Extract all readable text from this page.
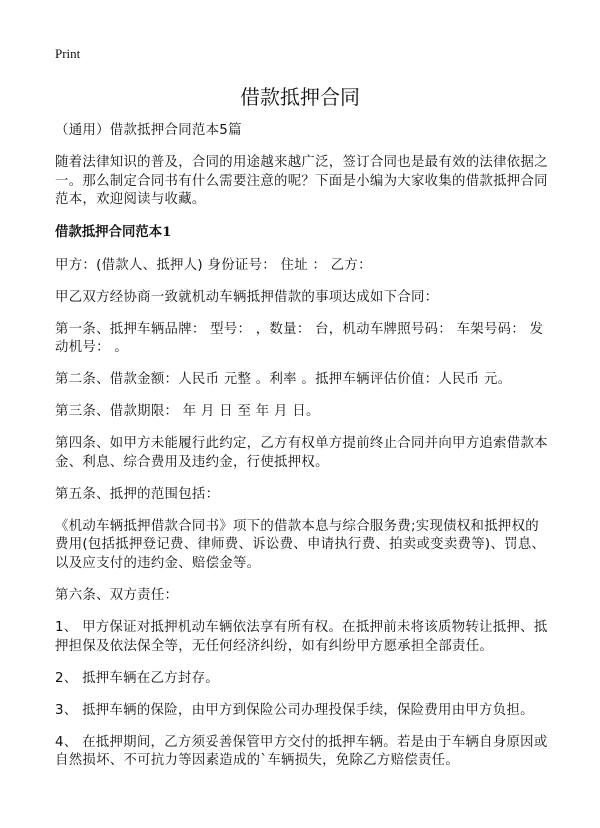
Print
借款抵押合同
（通用）借款抵押合同范本5篇
随着法律知识的普及，合同的用途越来越广泛，签订合同也是最有效的法律依据之
一。那么制定合同书有什么需要注意的呢？下面是小编为大家收集的借款抵押合同
范本，欢迎阅读与收藏。
借款抵押合同范本1
甲方：(借款人、抵押人) 身份证号： 住址 ： 乙方：
甲乙双方经协商一致就机动车辆抵押借款的事项达成如下合同：
第一条、抵押车辆品牌： 型号： ，数量： 台，机动车牌照号码： 车架号码： 发
动机号： 。
第二条、借款金额：人民币 元整 。利率 。抵押车辆评估价值：人民币 元。
第三条、借款期限： 年 月 日 至 年 月 日。
第四条、如甲方未能履行此约定，乙方有权单方提前终止合同并向甲方追索借款本
金、利息、综合费用及违约金，行使抵押权。
第五条、抵押的范围包括：
《机动车辆抵押借款合同书》项下的借款本息与综合服务费;实现债权和抵押权的
费用(包括抵押登记费、律师费、诉讼费、申请执行费、拍卖或变卖费等)、罚息、
以及应支付的违约金、赔偿金等。
第六条、双方责任：
1、 甲方保证对抵押机动车辆依法享有所有权。在抵押前未将该质物转让抵押、抵
押担保及依法保全等，无任何经济纠纷，如有纠纷甲方愿承担全部责任。
2、 抵押车辆在乙方封存。
3、 抵押车辆的保险，由甲方到保险公司办理投保手续，保险费用由甲方负担。
4、 在抵押期间，乙方须妥善保管甲方交付的抵押车辆。若是由于车辆自身原因或
自然损坏、不可抗力等因素造成的`车辆损失，免除乙方赔偿责任。
